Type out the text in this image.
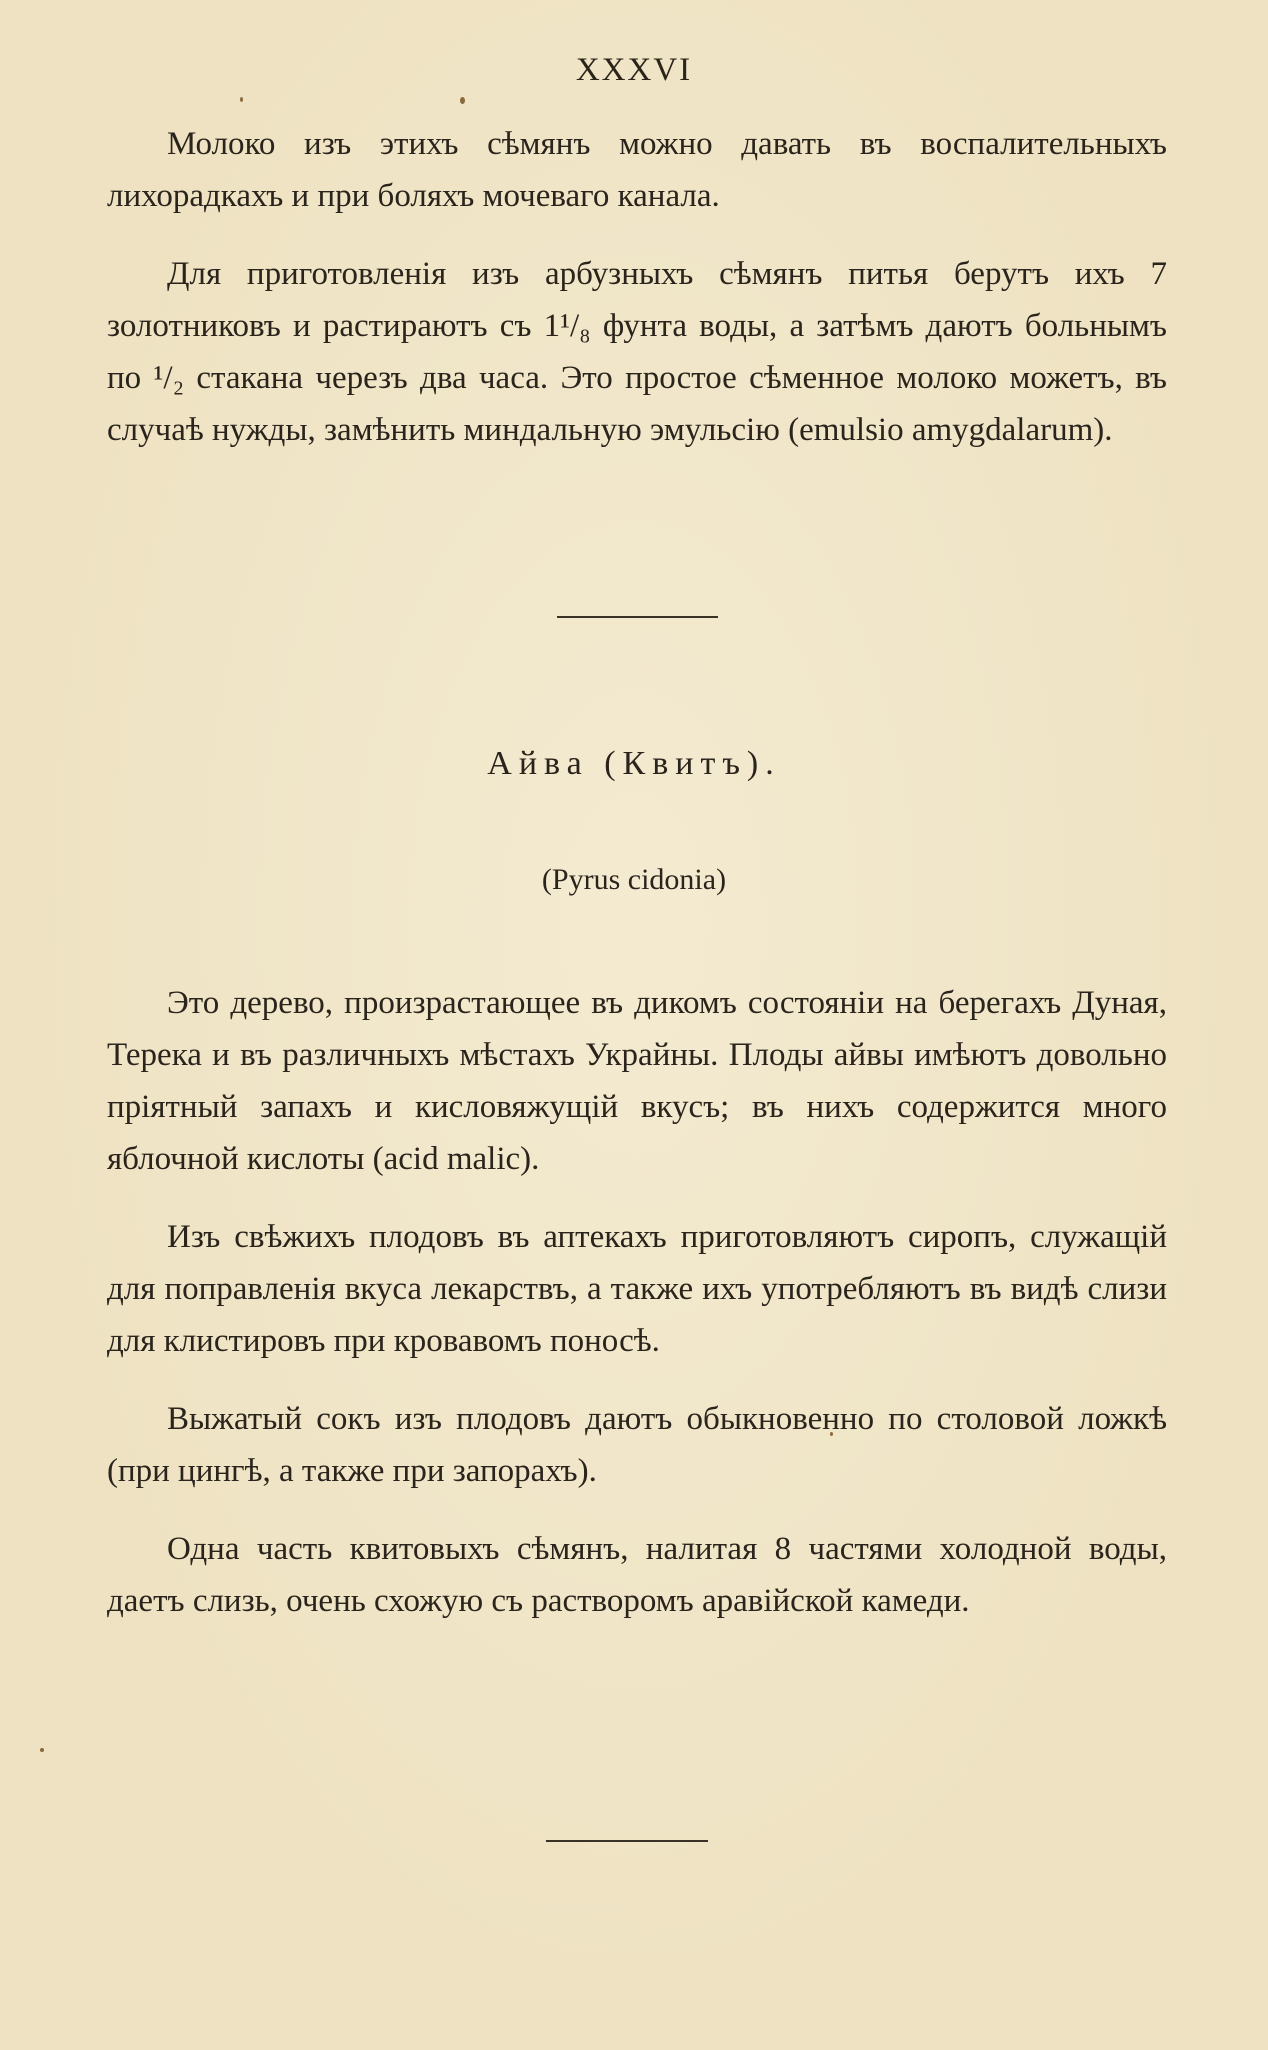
XXXVI

Молоко изъ этихъ сѣмянъ можно давать въ воспалительныхъ лихорадкахъ и при боляхъ мочеваго канала.

Для приготовленія изъ арбузныхъ сѣмянъ питья берутъ ихъ 7 золотниковъ и растираютъ съ 1¹/₈ фунта воды, а затѣмъ даютъ больнымъ по ¹/₂ стакана черезъ два часа. Это простое сѣменное молоко можетъ, въ случаѣ нужды, замѣнить миндальную эмульсію (emulsio amygdalarum).

Айва (Квитъ).
(Pyrus cidonia)

Это дерево, произрастающее въ дикомъ состояніи на берегахъ Дуная, Терека и въ различныхъ мѣстахъ Украйны. Плоды айвы имѣютъ довольно пріятный запахъ и кисловяжущій вкусъ; въ нихъ содержится много яблочной кислоты (acid malic).

Изъ свѣжихъ плодовъ въ аптекахъ приготовляютъ сиропъ, служащій для поправленія вкуса лекарствъ, а также ихъ употребляютъ въ видѣ слизи для клистировъ при кровавомъ поносѣ.

Выжатый сокъ изъ плодовъ даютъ обыкновенно по столовой ложкѣ (при цингѣ, а также при запорахъ).

Одна часть квитовыхъ сѣмянъ, налитая 8 частями холодной воды, даетъ слизь, очень схожую съ растворомъ аравійской камеди.
